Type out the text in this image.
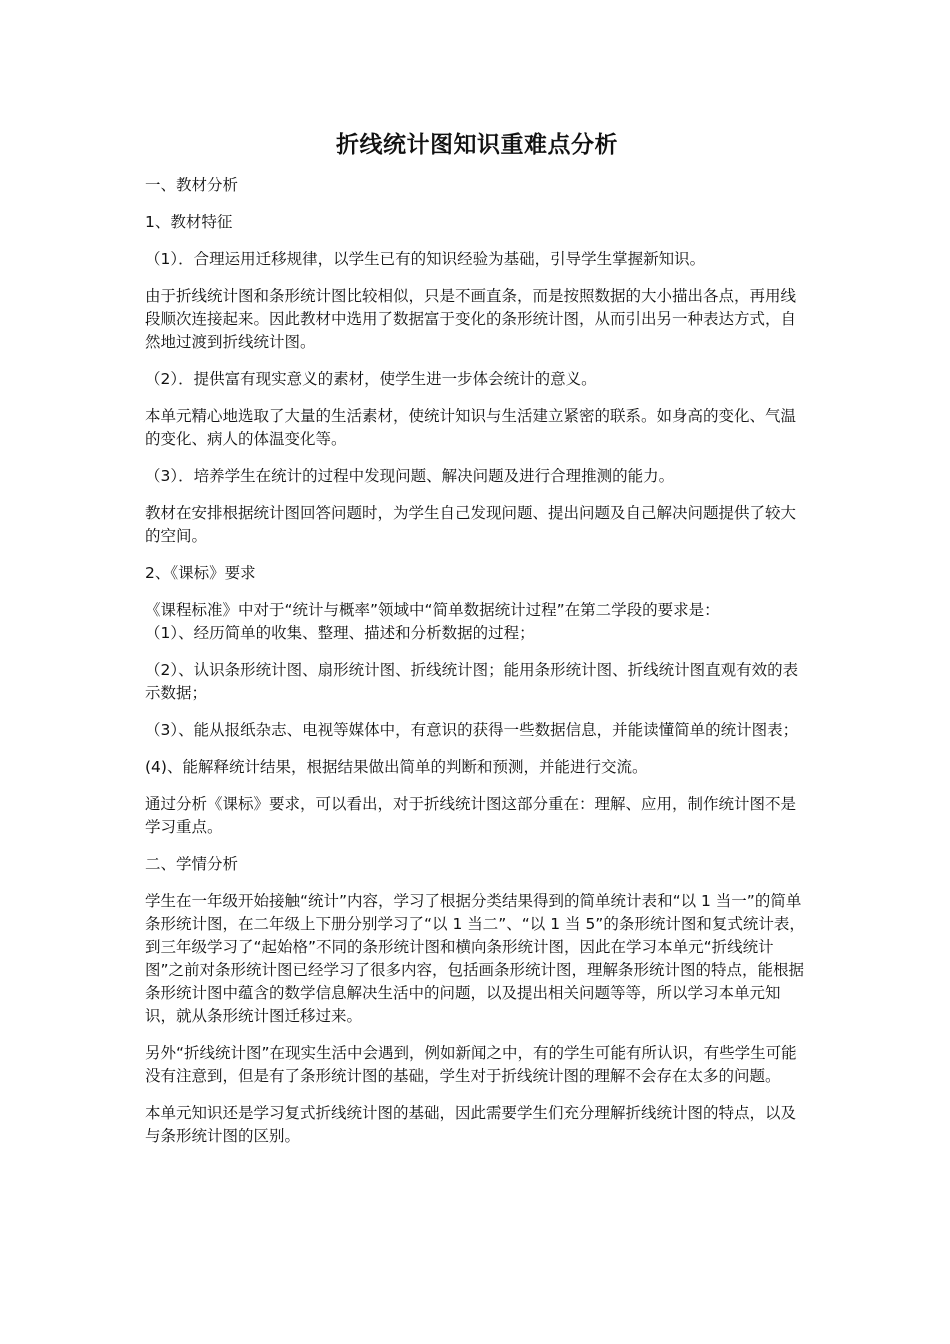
折线统计图知识重难点分析
一、教材分析
1、教材特征
（1）．合理运用迁移规律，以学生已有的知识经验为基础，引导学生掌握新知识。
由于折线统计图和条形统计图比较相似，只是不画直条，而是按照数据的大小描出各点，再用线段顺次连接起来。因此教材中选用了数据富于变化的条形统计图，从而引出另一种表达方式，自然地过渡到折线统计图。
（2）．提供富有现实意义的素材，使学生进一步体会统计的意义。
本单元精心地选取了大量的生活素材，使统计知识与生活建立紧密的联系。如身高的变化、气温的变化、病人的体温变化等。
（3）．培养学生在统计的过程中发现问题、解决问题及进行合理推测的能力。
教材在安排根据统计图回答问题时，为学生自己发现问题、提出问题及自己解决问题提供了较大的空间。
2、《课标》要求
《课程标准》中对于“统计与概率”领域中“简单数据统计过程”在第二学段的要求是：
（1）、经历简单的收集、整理、描述和分析数据的过程；
（2）、认识条形统计图、扇形统计图、折线统计图；能用条形统计图、折线统计图直观有效的表示数据；
（3）、能从报纸杂志、电视等媒体中，有意识的获得一些数据信息，并能读懂简单的统计图表；
(4)、能解释统计结果，根据结果做出简单的判断和预测，并能进行交流。
通过分析《课标》要求，可以看出，对于折线统计图这部分重在：理解、应用，制作统计图不是学习重点。
二、学情分析
学生在一年级开始接触“统计”内容，学习了根据分类结果得到的简单统计表和“以 1 当一”的简单条形统计图，在二年级上下册分别学习了“以 1 当二”、“以 1 当 5”的条形统计图和复式统计表，到三年级学习了“起始格”不同的条形统计图和横向条形统计图，因此在学习本单元“折线统计图”之前对条形统计图已经学习了很多内容，包括画条形统计图，理解条形统计图的特点，能根据条形统计图中蕴含的数学信息解决生活中的问题，以及提出相关问题等等，所以学习本单元知识，就从条形统计图迁移过来。
另外“折线统计图”在现实生活中会遇到，例如新闻之中，有的学生可能有所认识，有些学生可能没有注意到，但是有了条形统计图的基础，学生对于折线统计图的理解不会存在太多的问题。
本单元知识还是学习复式折线统计图的基础，因此需要学生们充分理解折线统计图的特点，以及与条形统计图的区别。
